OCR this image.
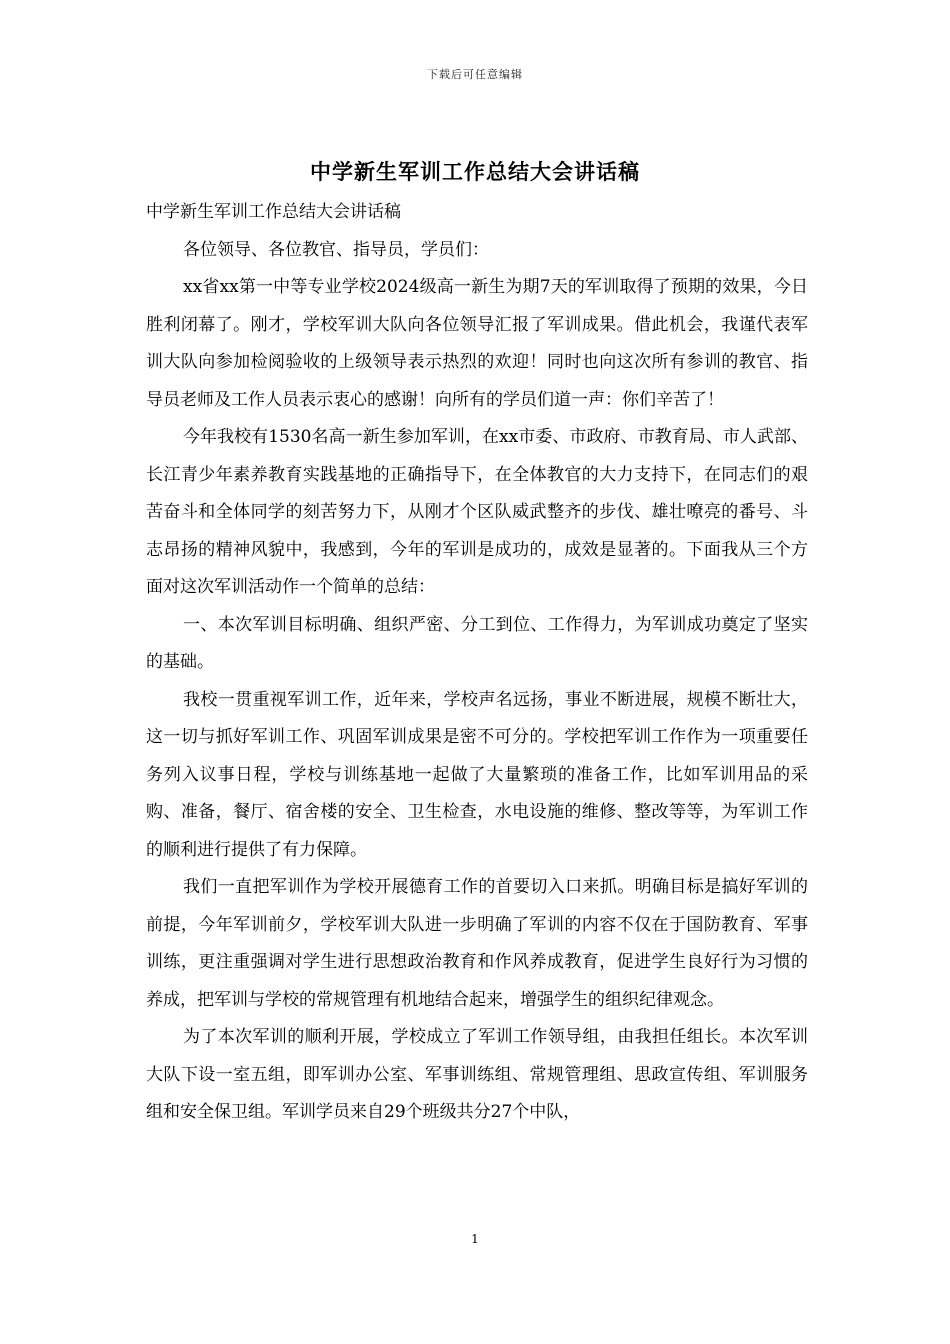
下载后可任意编辑
中学新生军训工作总结大会讲话稿

中学新生军训工作总结大会讲话稿

各位领导、各位教官、指导员，学员们：

xx省xx第一中等专业学校2024级高一新生为期7天的军训取得了预期的效果，今日胜利闭幕了。刚才，学校军训大队向各位领导汇报了军训成果。借此机会，我谨代表军训大队向参加检阅验收的上级领导表示热烈的欢迎！同时也向这次所有参训的教官、指导员老师及工作人员表示衷心的感谢！向所有的学员们道一声：你们辛苦了！

今年我校有1530名高一新生参加军训，在xx市委、市政府、市教育局、市人武部、长江青少年素养教育实践基地的正确指导下，在全体教官的大力支持下，在同志们的艰苦奋斗和全体同学的刻苦努力下，从刚才个区队威武整齐的步伐、雄壮嘹亮的番号、斗志昂扬的精神风貌中，我感到，今年的军训是成功的，成效是显著的。下面我从三个方面对这次军训活动作一个简单的总结：

一、本次军训目标明确、组织严密、分工到位、工作得力，为军训成功奠定了坚实的基础。

我校一贯重视军训工作，近年来，学校声名远扬，事业不断进展，规模不断壮大，这一切与抓好军训工作、巩固军训成果是密不可分的。学校把军训工作作为一项重要任务列入议事日程，学校与训练基地一起做了大量繁琐的准备工作，比如军训用品的采购、准备，餐厅、宿舍楼的安全、卫生检查，水电设施的维修、整改等等，为军训工作的顺利进行提供了有力保障。

我们一直把军训作为学校开展德育工作的首要切入口来抓。明确目标是搞好军训的前提，今年军训前夕，学校军训大队进一步明确了军训的内容不仅在于国防教育、军事训练，更注重强调对学生进行思想政治教育和作风养成教育，促进学生良好行为习惯的养成，把军训与学校的常规管理有机地结合起来，增强学生的组织纪律观念。

为了本次军训的顺利开展，学校成立了军训工作领导组，由我担任组长。本次军训大队下设一室五组，即军训办公室、军事训练组、常规管理组、思政宣传组、军训服务组和安全保卫组。军训学员来自29个班级共分27个中队，

1
